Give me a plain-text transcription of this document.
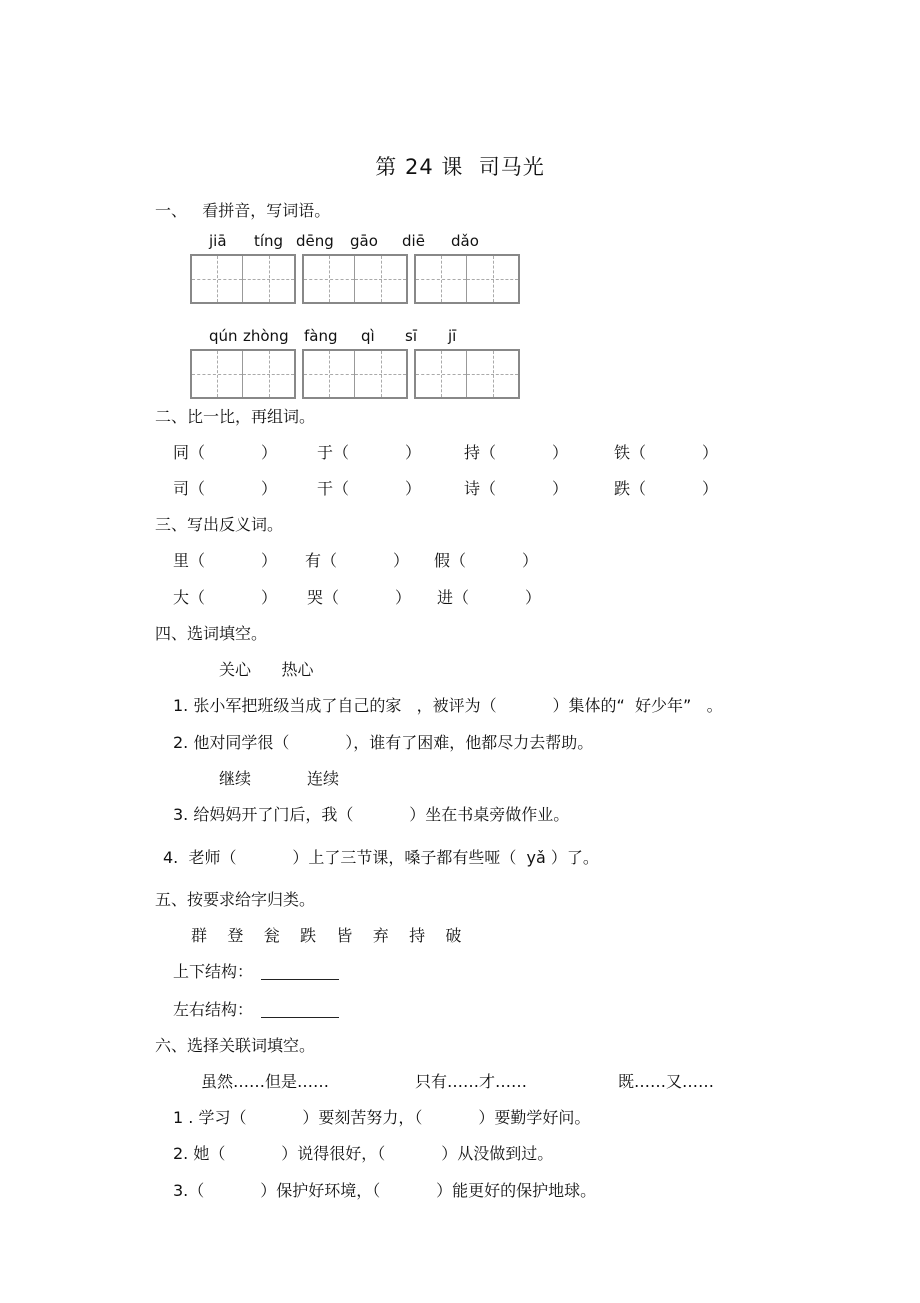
第 24 课  司马光
一、   看拼音，写词语。
jiā tíng dēng gāo diē dǎo
qún zhòng fàng qì sī jī
二、比一比，再组词。
同（           ）	于（           ）	持（           ）	铁（           ）
司（           ）	干（           ）	诗（           ）	跌（           ）
三、写出反义词。
里（           ） 有（           ） 假（           ）
大（           ） 哭（           ） 进（           ）
四、选词填空。
关心      热心
1. 张小军把班级当成了自己的家   ，被评为（           ）集体的“  好少年”   。
2. 他对同学很（           ），谁有了困难，他都尽力去帮助。
继续           连续
3. 给妈妈开了门后，我（           ）坐在书桌旁做作业。
4.  老师（           ）上了三节课，嗓子都有些哑（  yǎ ）了。
五、按要求给字归类。
群    登    瓮    跌    皆    弃    持    破
上下结构：
左右结构：
六、选择关联词填空。
虽然……但是……	只有……才……	既……又……
1 . 学习（           ）要刻苦努力，（           ）要勤学好问。
2. 她（           ）说得很好，（           ）从没做到过。
3.（           ）保护好环境，（           ）能更好的保护地球。
